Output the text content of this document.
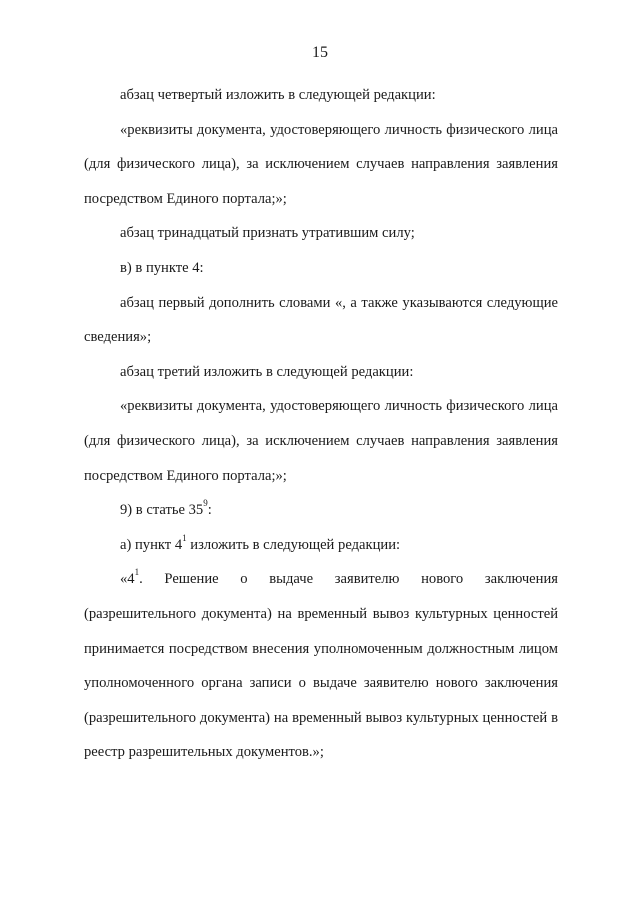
15

абзац четвертый изложить в следующей редакции:

«реквизиты документа, удостоверяющего личность физического лица (для физического лица), за исключением случаев направления заявления посредством Единого портала;»;

абзац тринадцатый признать утратившим силу;

в) в пункте 4:

абзац первый дополнить словами «, а также указываются следующие сведения»;

абзац третий изложить в следующей редакции:

«реквизиты документа, удостоверяющего личность физического лица (для физического лица), за исключением случаев направления заявления посредством Единого портала;»;

9) в статье $35^9$:

а) пункт $4^1$ изложить в следующей редакции:

«$4^1$. Решение о выдаче заявителю нового заключения (разрешительного документа) на временный вывоз культурных ценностей принимается посредством внесения уполномоченным должностным лицом уполномоченного органа записи о выдаче заявителю нового заключения (разрешительного документа) на временный вывоз культурных ценностей в реестр разрешительных документов.»;
